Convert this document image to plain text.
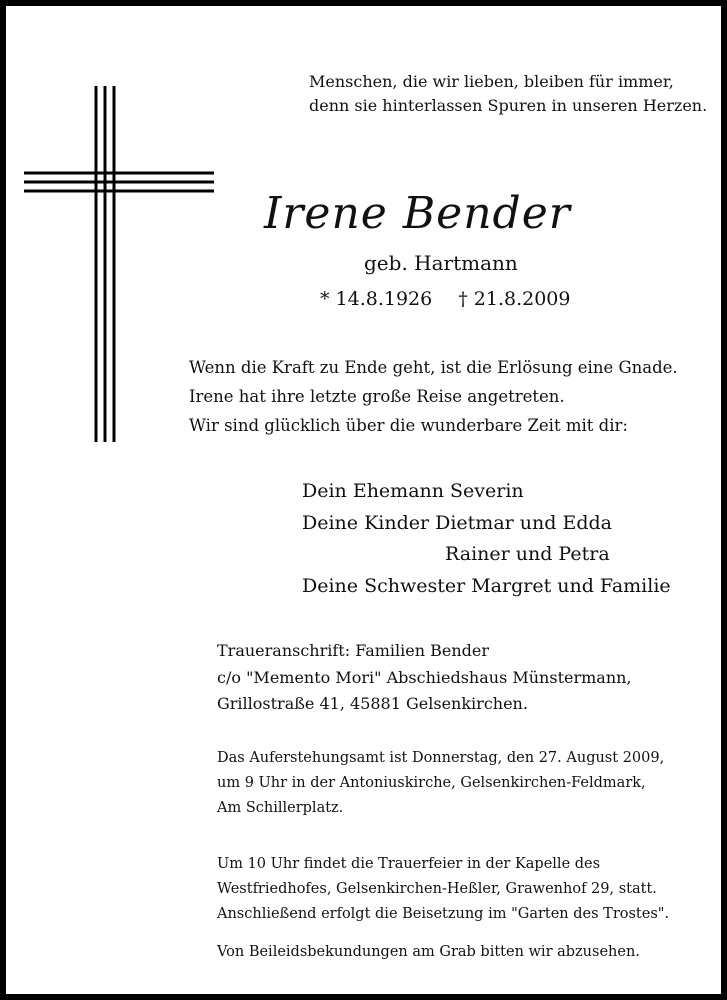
Menschen, die wir lieben, bleiben für immer,
denn sie hinterlassen Spuren in unseren Herzen.
Irene Bender
geb. Hartmann
* 14.8.1926 † 21.8.2009
Wenn die Kraft zu Ende geht, ist die Erlösung eine Gnade.
Irene hat ihre letzte große Reise angetreten.
Wir sind glücklich über die wunderbare Zeit mit dir:
Dein Ehemann Severin
Deine Kinder Dietmar und Edda
Rainer und Petra
Deine Schwester Margret und Familie
Traueranschrift: Familien Bender
c/o "Memento Mori" Abschiedshaus Münstermann,
Grillostraße 41, 45881 Gelsenkirchen.
Das Auferstehungsamt ist Donnerstag, den 27. August 2009,
um 9 Uhr in der Antoniuskirche, Gelsenkirchen-Feldmark,
Am Schillerplatz.
Um 10 Uhr findet die Trauerfeier in der Kapelle des
Westfriedhofes, Gelsenkirchen-Heßler, Grawenhof 29, statt.
Anschließend erfolgt die Beisetzung im "Garten des Trostes".
Von Beileidsbekundungen am Grab bitten wir abzusehen.
